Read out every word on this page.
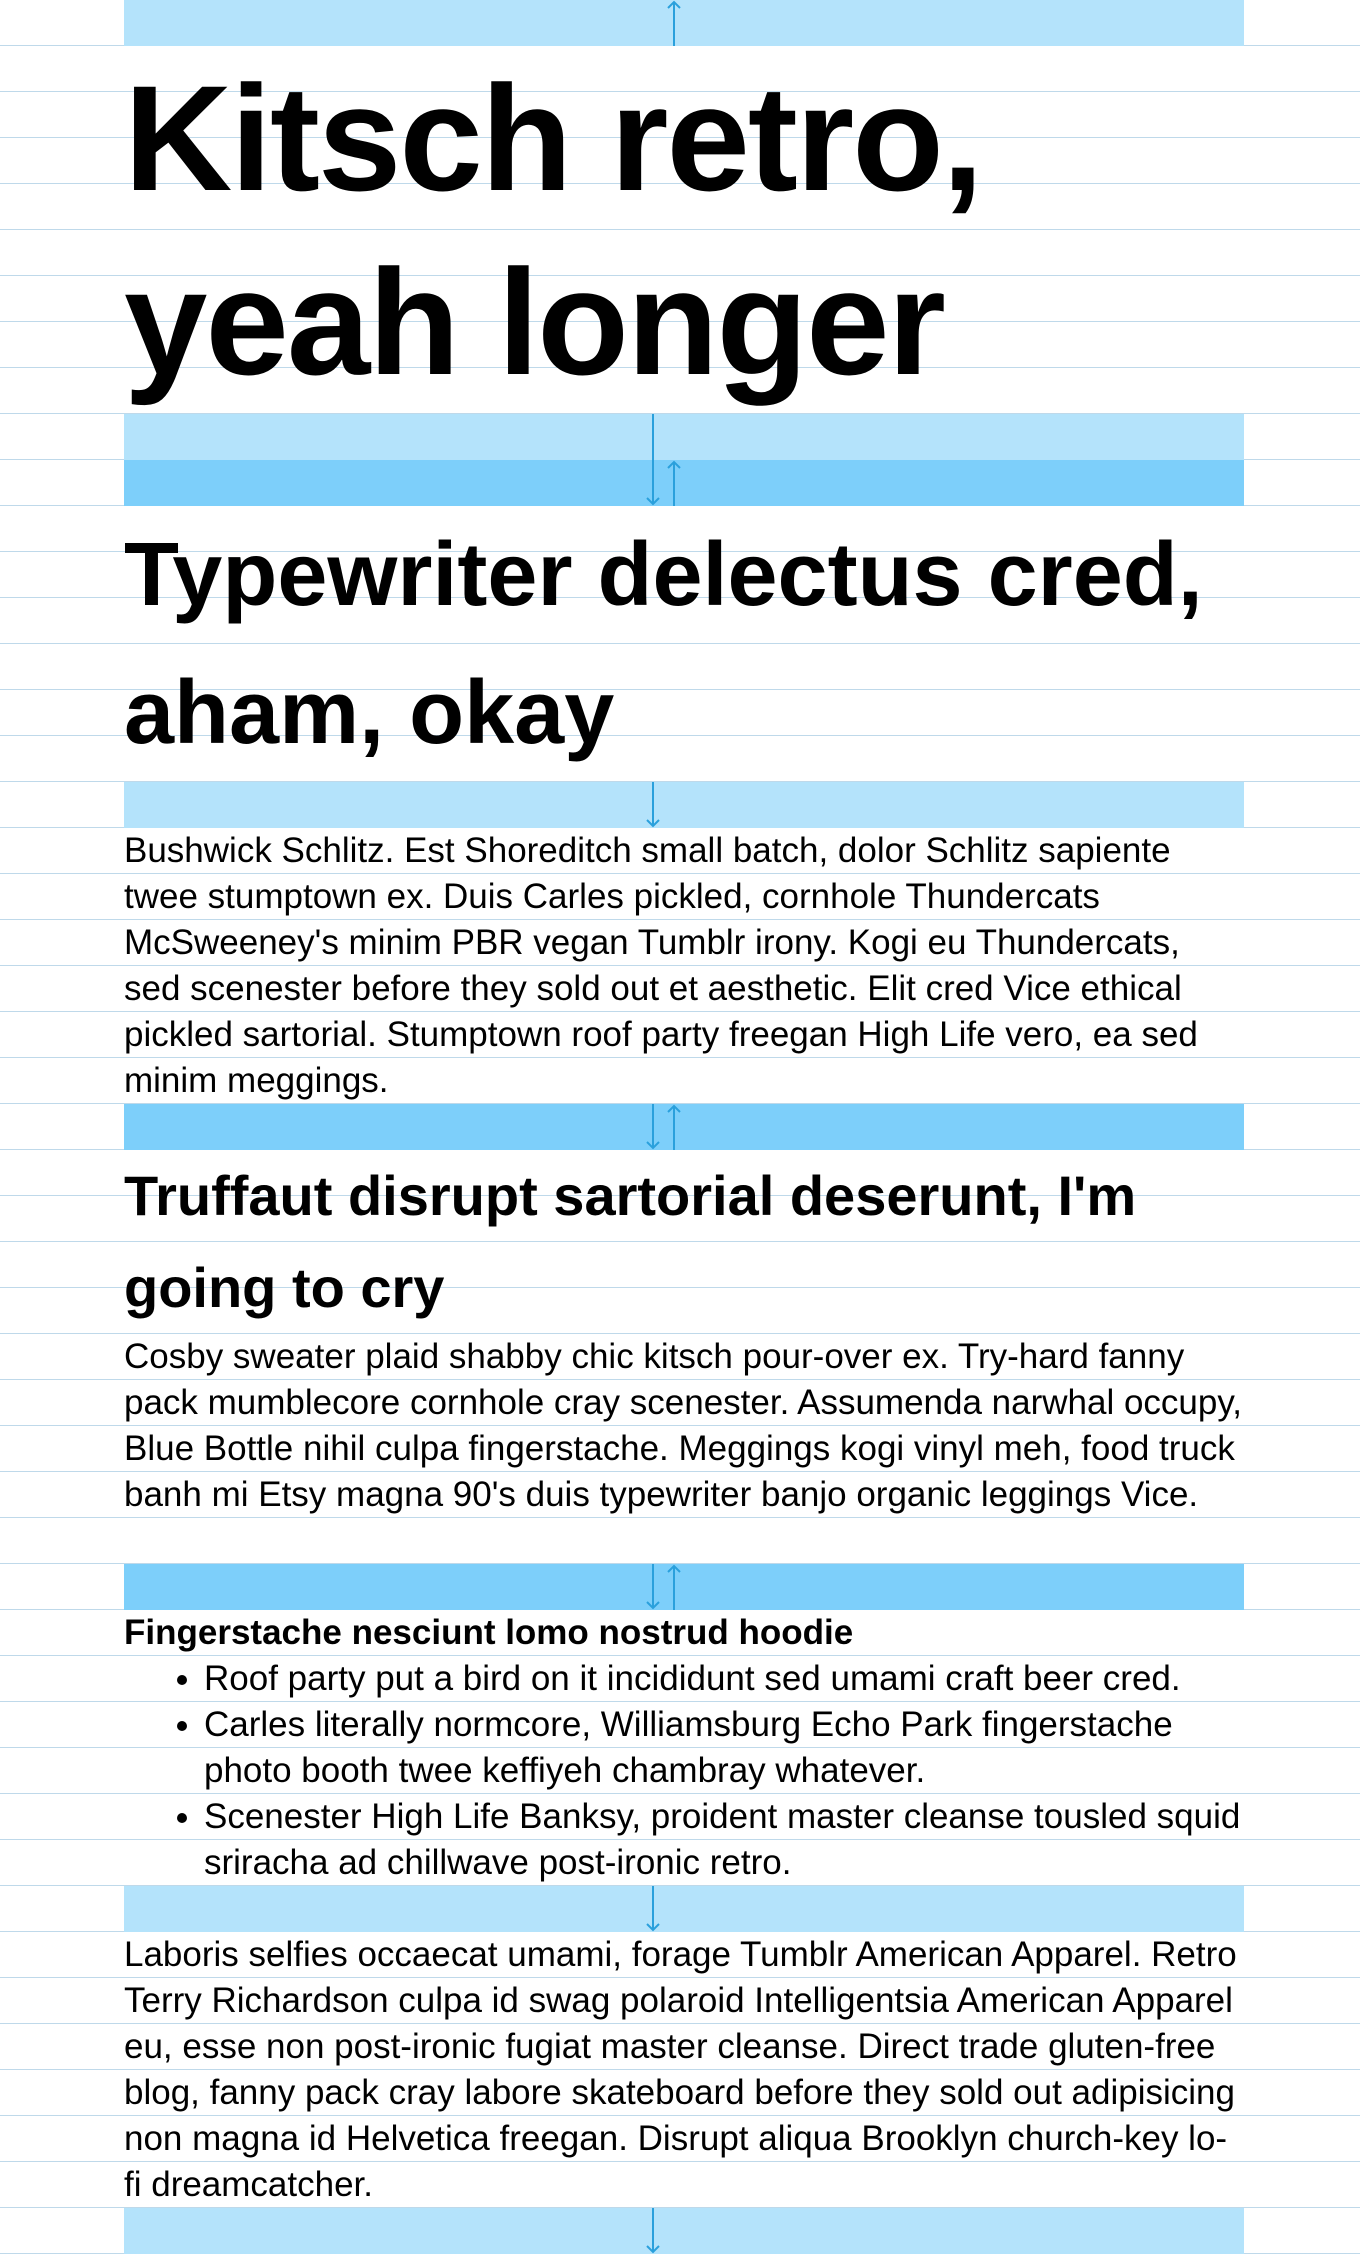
Kitsch retro, yeah longer
Typewriter delectus cred, aham, okay

Bushwick Schlitz. Est Shoreditch small batch, dolor Schlitz sapiente twee stumptown ex. Duis Carles pickled, cornhole Thundercats McSweeney's minim PBR vegan Tumblr irony. Kogi eu Thundercats, sed scenester before they sold out et aesthetic. Elit cred Vice ethical pickled sartorial. Stumptown roof party freegan High Life vero, ea sed minim meggings.

Truffaut disrupt sartorial deserunt, I'm going to cry

Cosby sweater plaid shabby chic kitsch pour-over ex. Try-hard fanny pack mumblecore cornhole cray scenester. Assumenda narwhal occupy, Blue Bottle nihil culpa fingerstache. Meggings kogi vinyl meh, food truck banh mi Etsy magna 90's duis typewriter banjo organic leggings Vice.

Fingerstache nesciunt lomo nostrud hoodie
• Roof party put a bird on it incididunt sed umami craft beer cred.
• Carles literally normcore, Williamsburg Echo Park fingerstache photo booth twee keffiyeh chambray whatever.
• Scenester High Life Banksy, proident master cleanse tousled squid sriracha ad chillwave post-ironic retro.

Laboris selfies occaecat umami, forage Tumblr American Apparel. Retro Terry Richardson culpa id swag polaroid Intelligentsia American Apparel eu, esse non post-ironic fugiat master cleanse. Direct trade gluten-free blog, fanny pack cray labore skateboard before they sold out adipisicing non magna id Helvetica freegan. Disrupt aliqua Brooklyn church-key lo-fi dreamcatcher.
